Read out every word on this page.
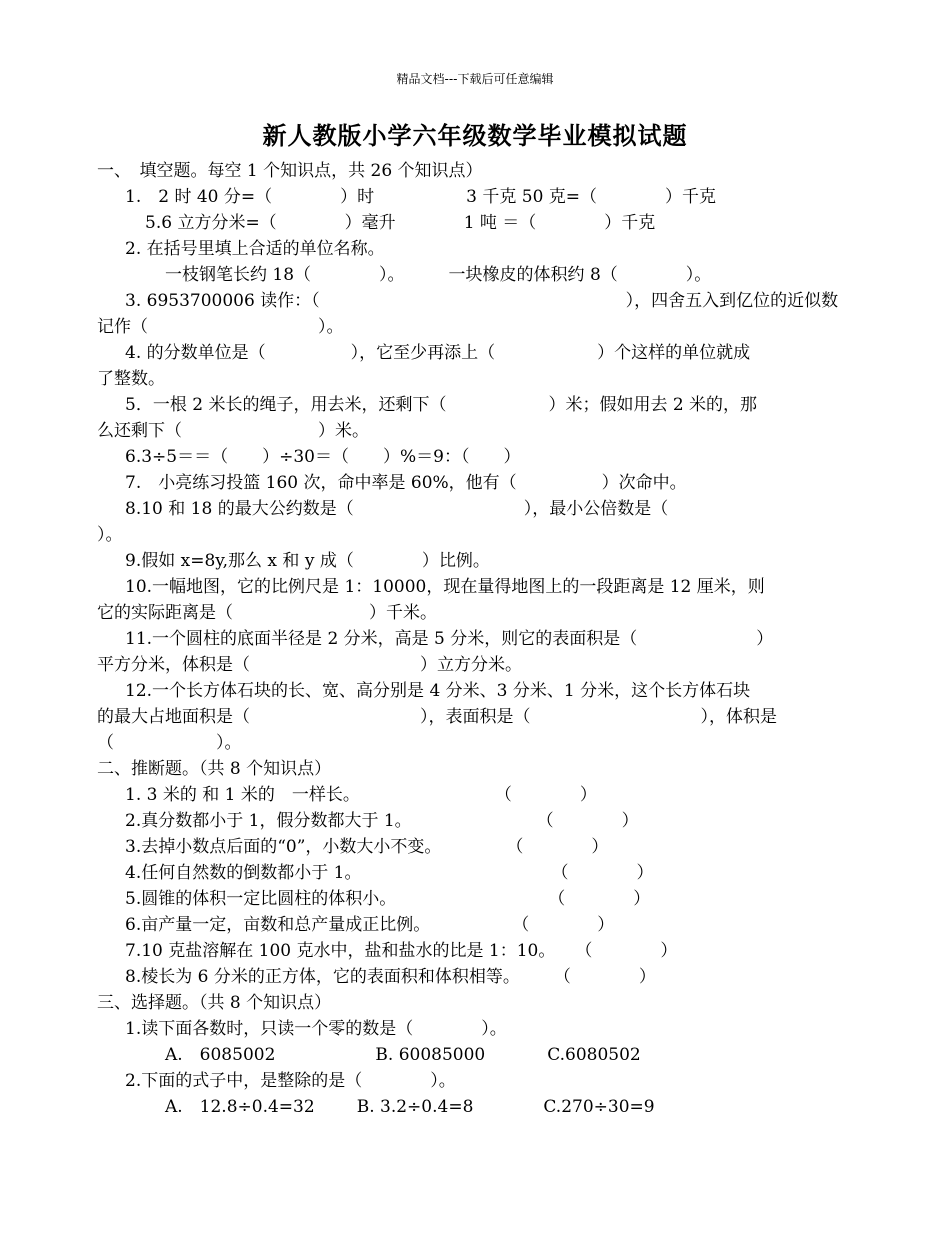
精品文档---下载后可任意编辑
新人教版小学六年级数学毕业模拟试题
一、　填空题。每空 1 个知识点，共 26 个知识点）
1.　2 时 40 分=（　　　　）时	3 千克 50 克=（　　　　）千克
5.6 立方分米=（　　　　）毫升	1 吨 ＝（　　　　）千克
2. 在括号里填上合适的单位名称。
一枝钢笔长约 18（　　　　）。	一块橡皮的体积约 8（　　　　）。
3. 6953700006 读作：（　　　　　　　　　　　　　　　　　　），四舍五入到亿位的近似数
记作（　　　　　　　　　　）。
4. 的分数单位是（　　　　　），它至少再添上（　　　　　　）个这样的单位就成
了整数。
5．一根 2 米长的绳子，用去米，还剩下（　　　　　　）米；假如用去 2 米的，那
么还剩下（　　　　　　　　）米。
6.3÷5＝＝（　　）÷30＝（　　）%＝9：（　　）
7.　小亮练习投篮 160 次，命中率是 60%，他有（　　　　　）次命中。
8.10 和 18 的最大公约数是（　　　　　　　　　　），最小公倍数是（
）。
9.假如 x=8y,那么 x 和 y 成（　　　　）比例。
10.一幅地图，它的比例尺是 1：10000，现在量得地图上的一段距离是 12 厘米，则
它的实际距离是（　　　　　　　　）千米。
11.一个圆柱的底面半径是 2 分米，高是 5 分米，则它的表面积是（　　　　　　　）
平方分米，体积是（　　　　　　　　　　）立方分米。
12.一个长方体石块的长、宽、高分别是 4 分米、3 分米、1 分米，这个长方体石块
的最大占地面积是（　　　　　　　　　　），表面积是（　　　　　　　　　　），体积是
（　　　　　　）。
二、推断题。（共 8 个知识点）
1. 3 米的 和 1 米的　一样长。	（　　　　）
2.真分数都小于 1，假分数都大于 1。	（　　　　）
3.去掉小数点后面的“0”，小数大小不变。	（　　　　）
4.任何自然数的倒数都小于 1。	（　　　　）
5.圆锥的体积一定比圆柱的体积小。	（　　　　）
6.亩产量一定，亩数和总产量成正比例。	（　　　　）
7.10 克盐溶解在 100 克水中，盐和盐水的比是 1：10。 （　　　　）
8.棱长为 6 分米的正方体，它的表面积和体积相等。 （　　　　）
三、选择题。（共 8 个知识点）
1.读下面各数时，只读一个零的数是（　　　　）。
A.　6085002	B. 60085000	C.6080502
2.下面的式子中，是整除的是（　　　　）。
A.　12.8÷0.4=32 B. 3.2÷0.4=8	C.270÷30=9
